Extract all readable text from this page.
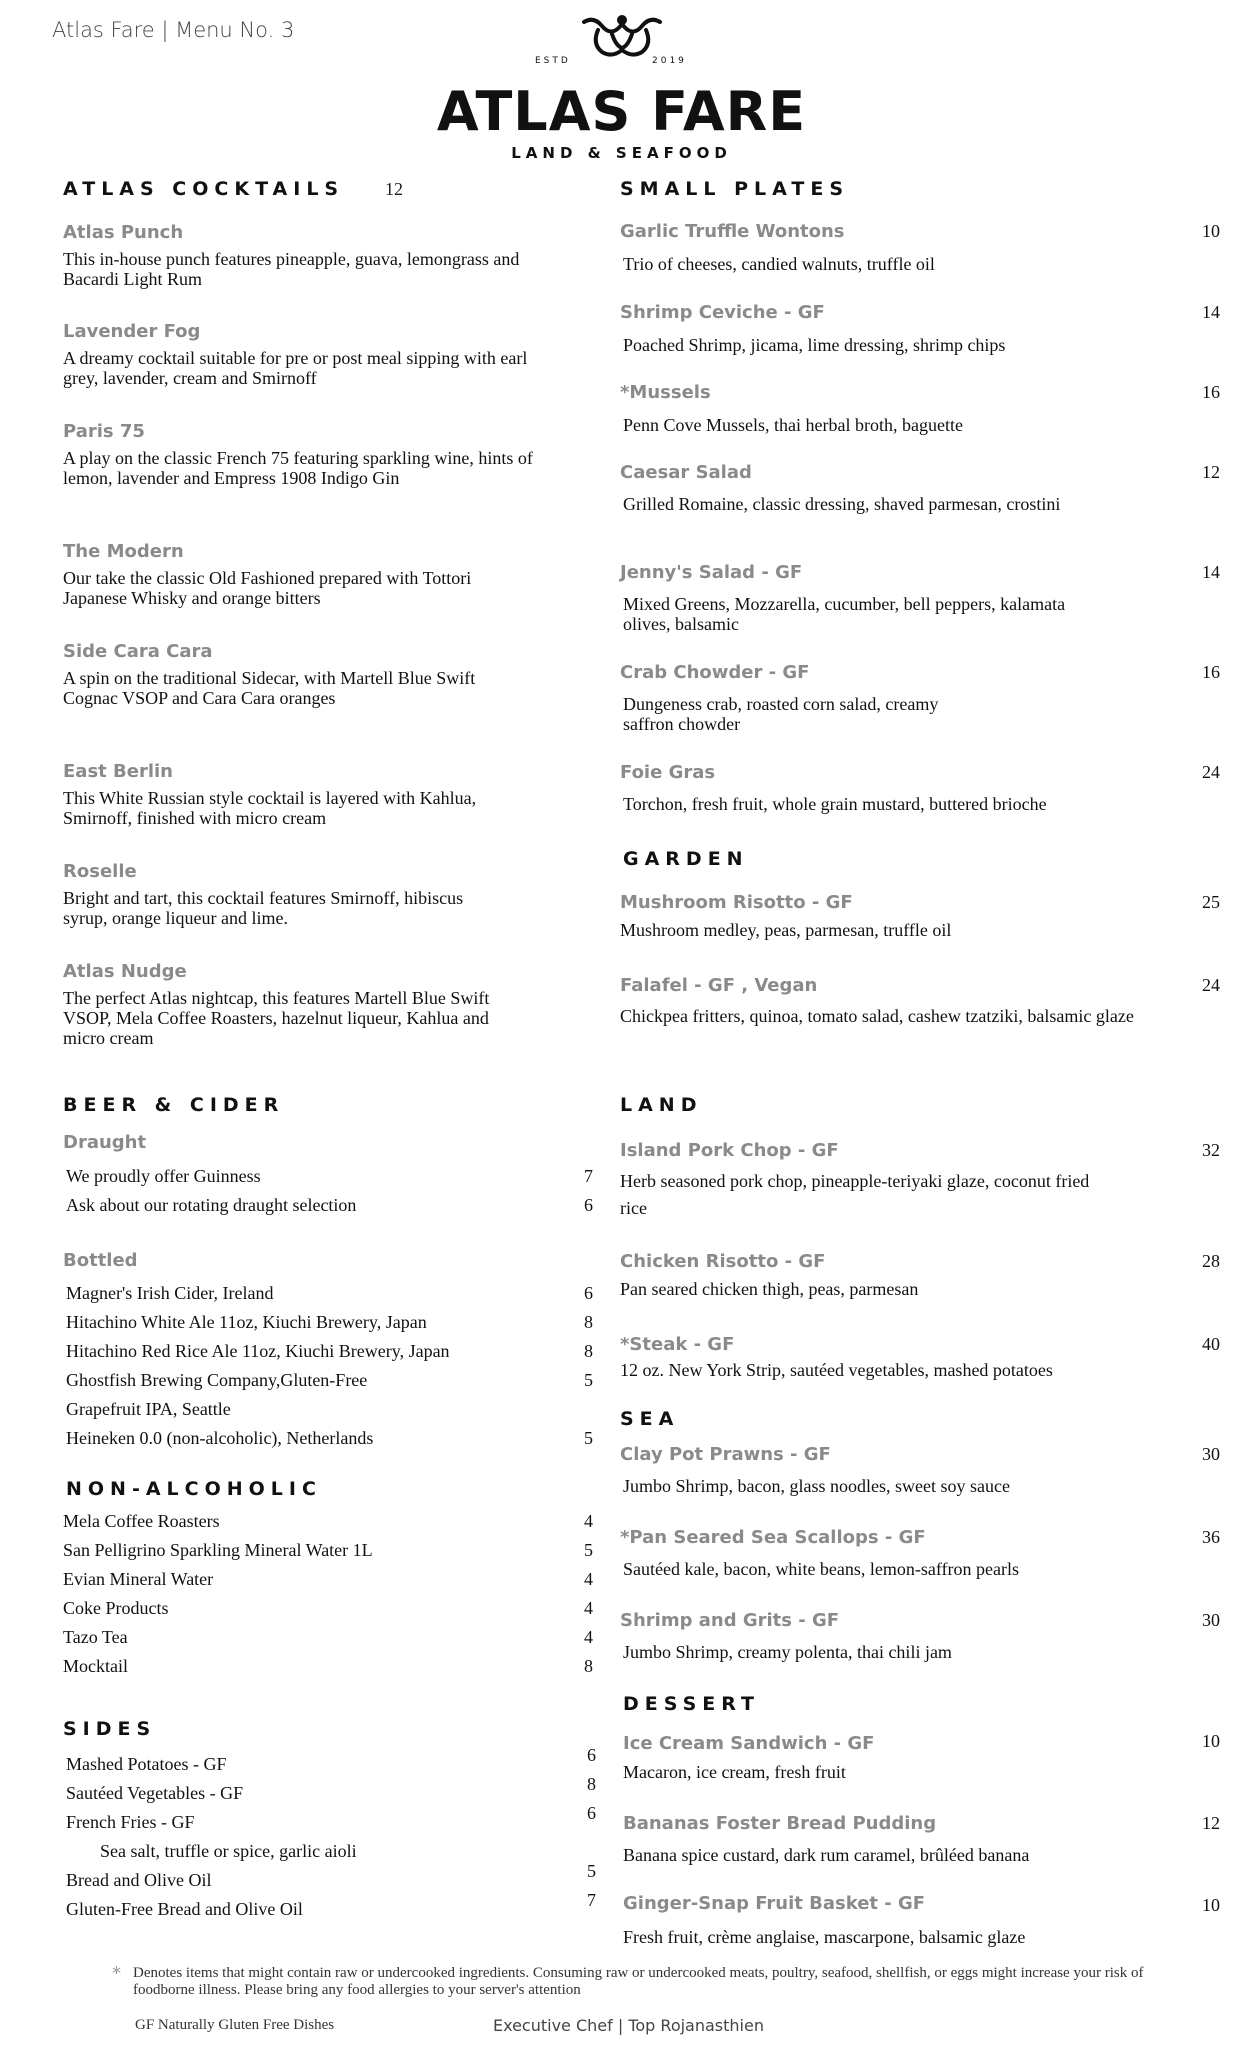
Atlas Fare | Menu No. 3
ESTD	2019
ATLAS FARE
LAND & SEAFOOD
ATLAS COCKTAILS 12
Atlas Punch
This in-house punch features pineapple, guava, lemongrass and Bacardi Light Rum
Lavender Fog
A dreamy cocktail suitable for pre or post meal sipping with earl grey, lavender, cream and Smirnoff
Paris 75
A play on the classic French 75 featuring sparkling wine, hints of lemon, lavender and Empress 1908 Indigo Gin
The Modern
Our take the classic Old Fashioned prepared with Tottori Japanese Whisky and orange bitters
Side Cara Cara
A spin on the traditional Sidecar, with Martell Blue Swift Cognac VSOP and Cara Cara oranges
East Berlin
This White Russian style cocktail is layered with Kahlua, Smirnoff, finished with micro cream
Roselle
Bright and tart, this cocktail features Smirnoff, hibiscus syrup, orange liqueur and lime.
Atlas Nudge
The perfect Atlas nightcap, this features Martell Blue Swift VSOP, Mela Coffee Roasters, hazelnut liqueur, Kahlua and micro cream
BEER & CIDER
Draught
We proudly offer Guinness	7
Ask about our rotating draught selection	6
Bottled
Magner's Irish Cider, Ireland	6
Hitachino White Ale 11oz, Kiuchi Brewery, Japan	8
Hitachino Red Rice Ale 11oz, Kiuchi Brewery, Japan	8
Ghostfish Brewing Company,Gluten-Free	5
Grapefruit IPA, Seattle
Heineken 0.0 (non-alcoholic), Netherlands	5
NON-ALCOHOLIC
Mela Coffee Roasters	4
San Pelligrino Sparkling Mineral Water 1L	5
Evian Mineral Water	4
Coke Products	4
Tazo Tea	4
Mocktail	8
SIDES
Mashed Potatoes - GF	6
Sautéed Vegetables - GF	8
French Fries - GF	6
Sea salt, truffle or spice, garlic aioli
Bread and Olive Oil	5
Gluten-Free Bread and Olive Oil	7
SMALL PLATES
Garlic Truffle Wontons	10
Trio of cheeses, candied walnuts, truffle oil
Shrimp Ceviche - GF	14
Poached Shrimp, jicama, lime dressing, shrimp chips
*Mussels	16
Penn Cove Mussels, thai herbal broth, baguette
Caesar Salad	12
Grilled Romaine, classic dressing, shaved parmesan, crostini
Jenny's Salad - GF	14
Mixed Greens, Mozzarella, cucumber, bell peppers, kalamata olives, balsamic
Crab Chowder - GF	16
Dungeness crab, roasted corn salad, creamy saffron chowder
Foie Gras	24
Torchon, fresh fruit, whole grain mustard, buttered brioche
GARDEN
Mushroom Risotto - GF	25
Mushroom medley, peas, parmesan, truffle oil
Falafel - GF , Vegan	24
Chickpea fritters, quinoa, tomato salad, cashew tzatziki, balsamic glaze
LAND
Island Pork Chop - GF	32
Herb seasoned pork chop, pineapple-teriyaki glaze, coconut fried rice
Chicken Risotto - GF	28
Pan seared chicken thigh, peas, parmesan
*Steak - GF	40
12 oz. New York Strip, sautéed vegetables, mashed potatoes
SEA
Clay Pot Prawns - GF	30
Jumbo Shrimp, bacon, glass noodles, sweet soy sauce
*Pan Seared Sea Scallops - GF	36
Sautéed kale, bacon, white beans, lemon-saffron pearls
Shrimp and Grits - GF	30
Jumbo Shrimp, creamy polenta, thai chili jam
DESSERT
Ice Cream Sandwich - GF	10
Macaron, ice cream, fresh fruit
Bananas Foster Bread Pudding	12
Banana spice custard, dark rum caramel, brûléed banana
Ginger-Snap Fruit Basket - GF	10
Fresh fruit, crème anglaise, mascarpone, balsamic glaze
* Denotes items that might contain raw or undercooked ingredients. Consuming raw or undercooked meats, poultry, seafood, shellfish, or eggs might increase your risk of foodborne illness. Please bring any food allergies to your server's attention
GF Naturally Gluten Free Dishes	Executive Chef | Top Rojanasthien
